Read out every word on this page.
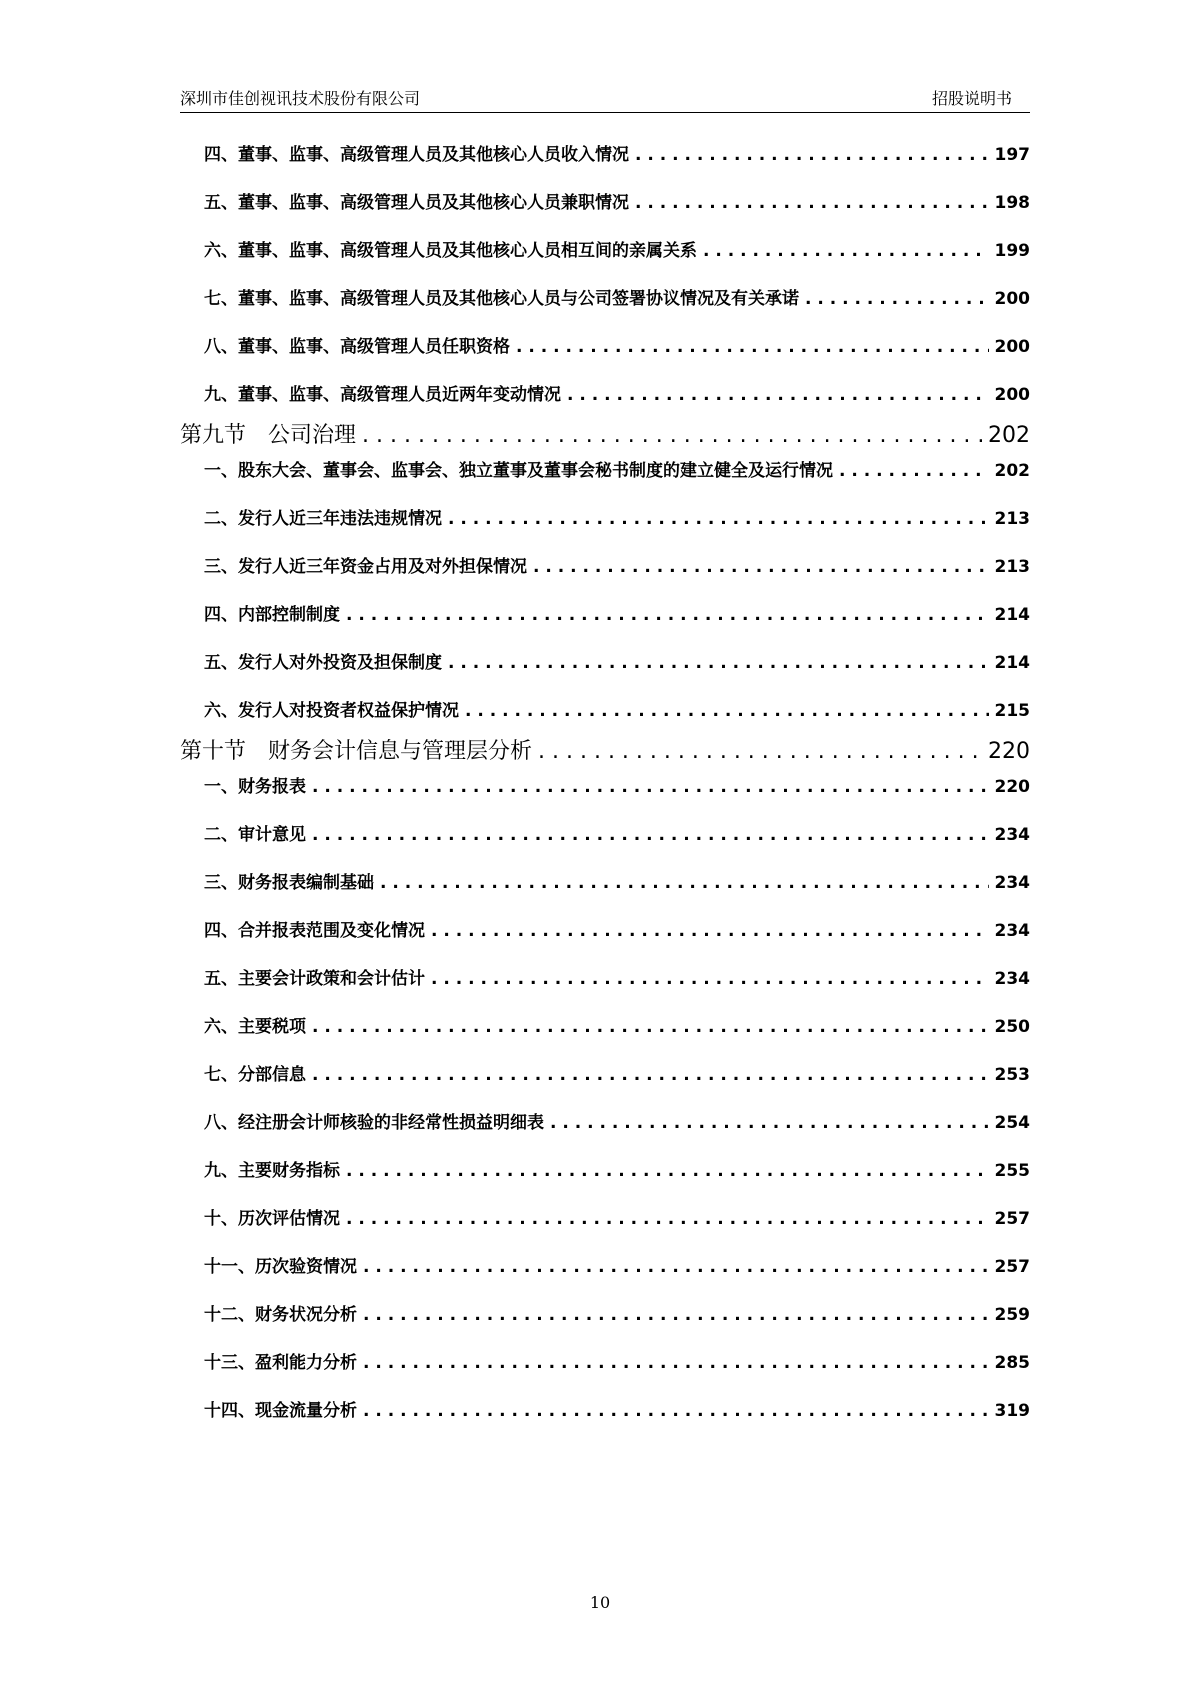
深圳市佳创视讯技术股份有限公司	招股说明书
四、董事、监事、高级管理人员及其他核心人员收入情况 . . .	197
五、董事、监事、高级管理人员及其他核心人员兼职情况 . . .	198
六、董事、监事、高级管理人员及其他核心人员相互间的亲属关系 . . .	199
七、董事、监事、高级管理人员及其他核心人员与公司签署协议情况及有关承诺 . . .	200
八、董事、监事、高级管理人员任职资格 . . .	200
九、董事、监事、高级管理人员近两年变动情况 . . .	200
第九节　公司治理 . . .	202
一、股东大会、董事会、监事会、独立董事及董事会秘书制度的建立健全及运行情况 . . .	202
二、发行人近三年违法违规情况 . . .	213
三、发行人近三年资金占用及对外担保情况 . . .	213
四、内部控制制度 . . .	214
五、发行人对外投资及担保制度 . . .	214
六、发行人对投资者权益保护情况 . . .	215
第十节　财务会计信息与管理层分析 . . .	220
一、财务报表 . . .	220
二、审计意见 . . .	234
三、财务报表编制基础 . . .	234
四、合并报表范围及变化情况 . . .	234
五、主要会计政策和会计估计 . . .	234
六、主要税项 . . .	250
七、分部信息 . . .	253
八、经注册会计师核验的非经常性损益明细表 . . .	254
九、主要财务指标 . . .	255
十、历次评估情况 . . .	257
十一、历次验资情况 . . .	257
十二、财务状况分析 . . .	259
十三、盈利能力分析 . . .	285
十四、现金流量分析 . . .	319
10
